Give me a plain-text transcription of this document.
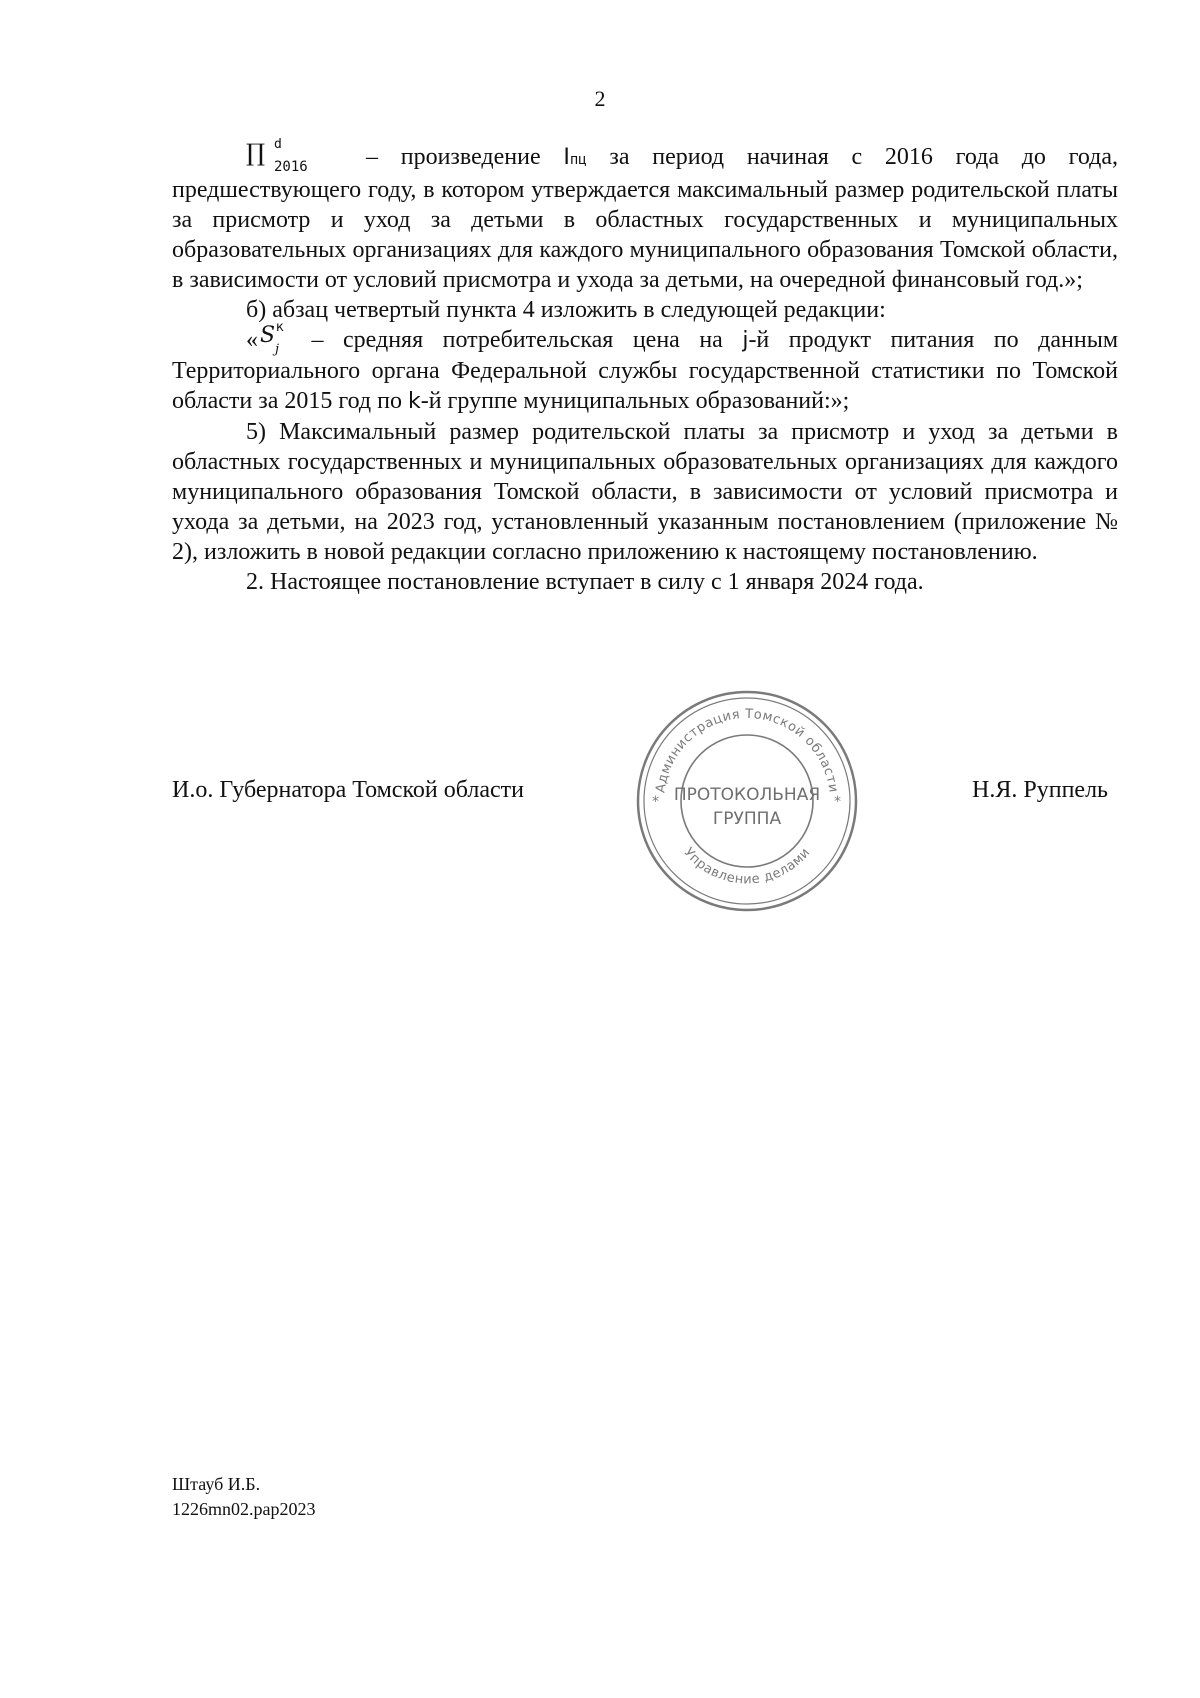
2

∏ d
2016 – произведение Iпц за период начиная с 2016 года до года, предшествующего году, в котором утверждается максимальный размер родительской платы за присмотр и уход за детьми в областных государственных и муниципальных образовательных организациях для каждого муниципального образования Томской области, в зависимости от условий присмотра и ухода за детьми, на очередной финансовый год.»;

б) абзац четвертый пункта 4 изложить в следующей редакции:

« S к
j – средняя потребительская цена на j-й продукт питания по данным Территориального органа Федеральной службы государственной статистики по Томской области за 2015 год по k-й группе муниципальных образований:»;

5) Максимальный размер родительской платы за присмотр и уход за детьми в областных государственных и муниципальных образовательных организациях для каждого муниципального образования Томской области, в зависимости от условий присмотра и ухода за детьми, на 2023 год, установленный указанным постановлением (приложение № 2), изложить в новой редакции согласно приложению к настоящему постановлению.

2. Настоящее постановление вступает в силу с 1 января 2024 года.

И.о. Губернатора Томской области	Н.Я. Руппель
Администрация Томской области
Управление делами
*	*
ПРОТОКОЛЬНАЯ
ГРУППА
Штауб И.Б.
1226mn02.pap2023
